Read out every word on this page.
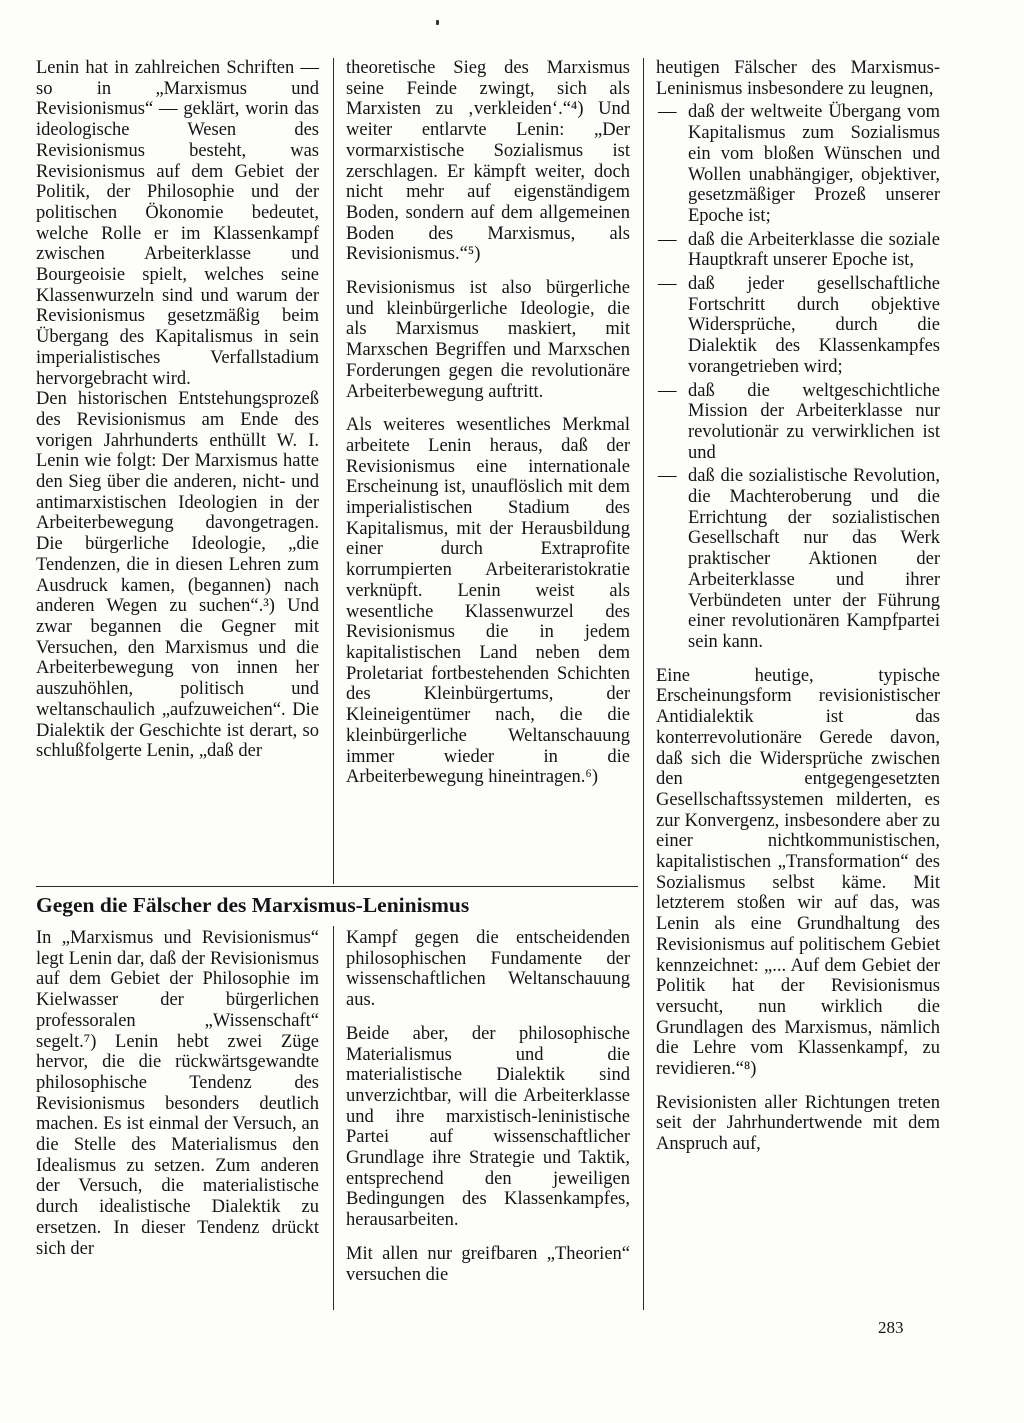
Lenin hat in zahlreichen Schriften — so in „Marxismus und Revisionismus“ — geklärt, worin das ideologische Wesen des Revisionismus besteht, was Revisionismus auf dem Gebiet der Politik, der Philosophie und der politischen Ökonomie bedeutet, welche Rolle er im Klassenkampf zwischen Arbeiterklasse und Bourgeoisie spielt, welches seine Klassenwurzeln sind und warum der Revisionismus gesetzmäßig beim Übergang des Kapitalismus in sein imperialistisches Verfallstadium hervorgebracht wird.

Den historischen Entstehungsprozeß des Revisionismus am Ende des vorigen Jahrhunderts enthüllt W. I. Lenin wie folgt: Der Marxismus hatte den Sieg über die anderen, nicht- und antimarxistischen Ideologien in der Arbeiterbewegung davongetragen. Die bürgerliche Ideologie, „die Tendenzen, die in diesen Lehren zum Ausdruck kamen, (begannen) nach anderen Wegen zu suchen“.³) Und zwar begannen die Gegner mit Versuchen, den Marxismus und die Arbeiterbewegung von innen her auszuhöhlen, politisch und weltanschaulich „aufzuweichen“. Die Dialektik der Geschichte ist derart, so schlußfolgerte Lenin, „daß der

theoretische Sieg des Marxismus seine Feinde zwingt, sich als Marxisten zu ‚verkleiden‘.“⁴) Und weiter entlarvte Lenin: „Der vormarxistische Sozialismus ist zerschlagen. Er kämpft weiter, doch nicht mehr auf eigenständigem Boden, sondern auf dem allgemeinen Boden des Marxismus, als Revisionismus.“⁵)

Revisionismus ist also bürgerliche und kleinbürgerliche Ideologie, die als Marxismus maskiert, mit Marxschen Begriffen und Marxschen Forderungen gegen die revolutionäre Arbeiterbewegung auftritt.

Als weiteres wesentliches Merkmal arbeitete Lenin heraus, daß der Revisionismus eine internationale Erscheinung ist, unauflöslich mit dem imperialistischen Stadium des Kapitalismus, mit der Herausbildung einer durch Extraprofite korrumpierten Arbeiteraristokratie verknüpft. Lenin weist als wesentliche Klassenwurzel des Revisionismus die in jedem kapitalistischen Land neben dem Proletariat fortbestehenden Schichten des Kleinbürgertums, der Kleineigentümer nach, die die kleinbürgerliche Weltanschauung immer wieder in die Arbeiterbewegung hineintragen.⁶)

Gegen die Fälscher des Marxismus-Leninismus

In „Marxismus und Revisionismus“ legt Lenin dar, daß der Revisionismus auf dem Gebiet der Philosophie im Kielwasser der bürgerlichen professoralen „Wissenschaft“ segelt.⁷) Lenin hebt zwei Züge hervor, die die rückwärtsgewandte philosophische Tendenz des Revisionismus besonders deutlich machen. Es ist einmal der Versuch, an die Stelle des Materialismus den Idealismus zu setzen. Zum anderen der Versuch, die materialistische durch idealistische Dialektik zu ersetzen. In dieser Tendenz drückt sich der

Kampf gegen die entscheidenden philosophischen Fundamente der wissenschaftlichen Weltanschauung aus.

Beide aber, der philosophische Materialismus und die materialistische Dialektik sind unverzichtbar, will die Arbeiterklasse und ihre marxistisch-leninistische Partei auf wissenschaftlicher Grundlage ihre Strategie und Taktik, entsprechend den jeweiligen Bedingungen des Klassenkampfes, herausarbeiten.

Mit allen nur greifbaren „Theorien“ versuchen die

heutigen Fälscher des Marxismus-Leninismus insbesondere zu leugnen,

— daß der weltweite Übergang vom Kapitalismus zum Sozialismus ein vom bloßen Wünschen und Wollen unabhängiger, objektiver, gesetzmäßiger Prozeß unserer Epoche ist;
— daß die Arbeiterklasse die soziale Hauptkraft unserer Epoche ist,
— daß jeder gesellschaftliche Fortschritt durch objektive Widersprüche, durch die Dialektik des Klassenkampfes vorangetrieben wird;
— daß die weltgeschichtliche Mission der Arbeiterklasse nur revolutionär zu verwirklichen ist und
— daß die sozialistische Revolution, die Machteroberung und die Errichtung der sozialistischen Gesellschaft nur das Werk praktischer Aktionen der Arbeiterklasse und ihrer Verbündeten unter der Führung einer revolutionären Kampfpartei sein kann.

Eine heutige, typische Erscheinungsform revisionistischer Antidialektik ist das konterrevolutionäre Gerede davon, daß sich die Widersprüche zwischen den entgegengesetzten Gesellschaftssystemen milderten, es zur Konvergenz, insbesondere aber zu einer nichtkommunistischen, kapitalistischen „Transformation“ des Sozialismus selbst käme. Mit letzterem stoßen wir auf das, was Lenin als eine Grundhaltung des Revisionismus auf politischem Gebiet kennzeichnet: „... Auf dem Gebiet der Politik hat der Revisionismus versucht, nun wirklich die Grundlagen des Marxismus, nämlich die Lehre vom Klassenkampf, zu revidieren.“⁸)

Revisionisten aller Richtungen treten seit der Jahrhundertwende mit dem Anspruch auf,

283
